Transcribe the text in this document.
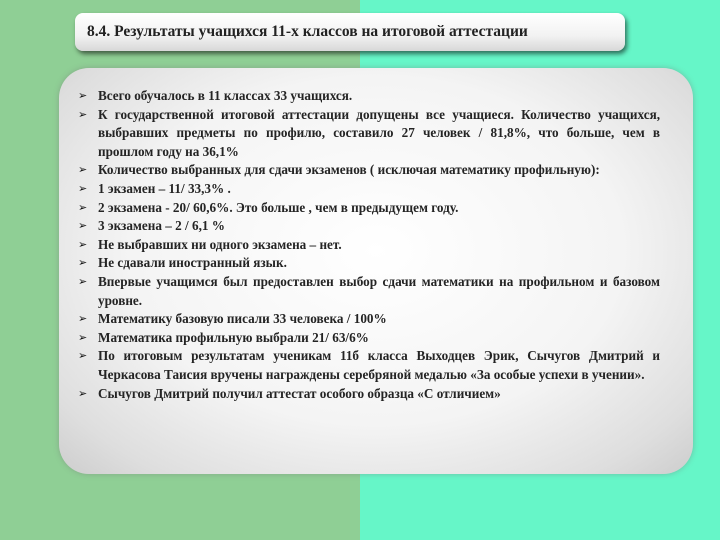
8.4. Результаты учащихся 11-х классов на итоговой аттестации
➢ Всего обучалось в 11 классах 33 учащихся.
➢ К государственной итоговой аттестации допущены все учащиеся. Количество учащихся, выбравших предметы по профилю, составило 27 человек / 81,8%, что больше, чем в прошлом году на 36,1%
➢ Количество выбранных для сдачи экзаменов ( исключая математику профильную):
➢ 1 экзамен – 11/ 33,3% .
➢ 2 экзамена - 20/ 60,6%. Это больше , чем в предыдущем году.
➢ 3 экзамена – 2 / 6,1 %
➢ Не выбравших ни одного экзамена – нет.
➢ Не сдавали иностранный язык.
➢ Впервые учащимся был предоставлен выбор сдачи математики на профильном и базовом уровне.
➢ Математику базовую писали 33 человека / 100%
➢ Математика профильную выбрали 21/ 63/6%
➢ По итоговым результатам ученикам 11б класса Выходцев Эрик, Сычугов Дмитрий и Черкасова Таисия вручены награждены серебряной медалью «За особые успехи в учении».
➢ Сычугов Дмитрий получил аттестат особого образца «С отличием»
